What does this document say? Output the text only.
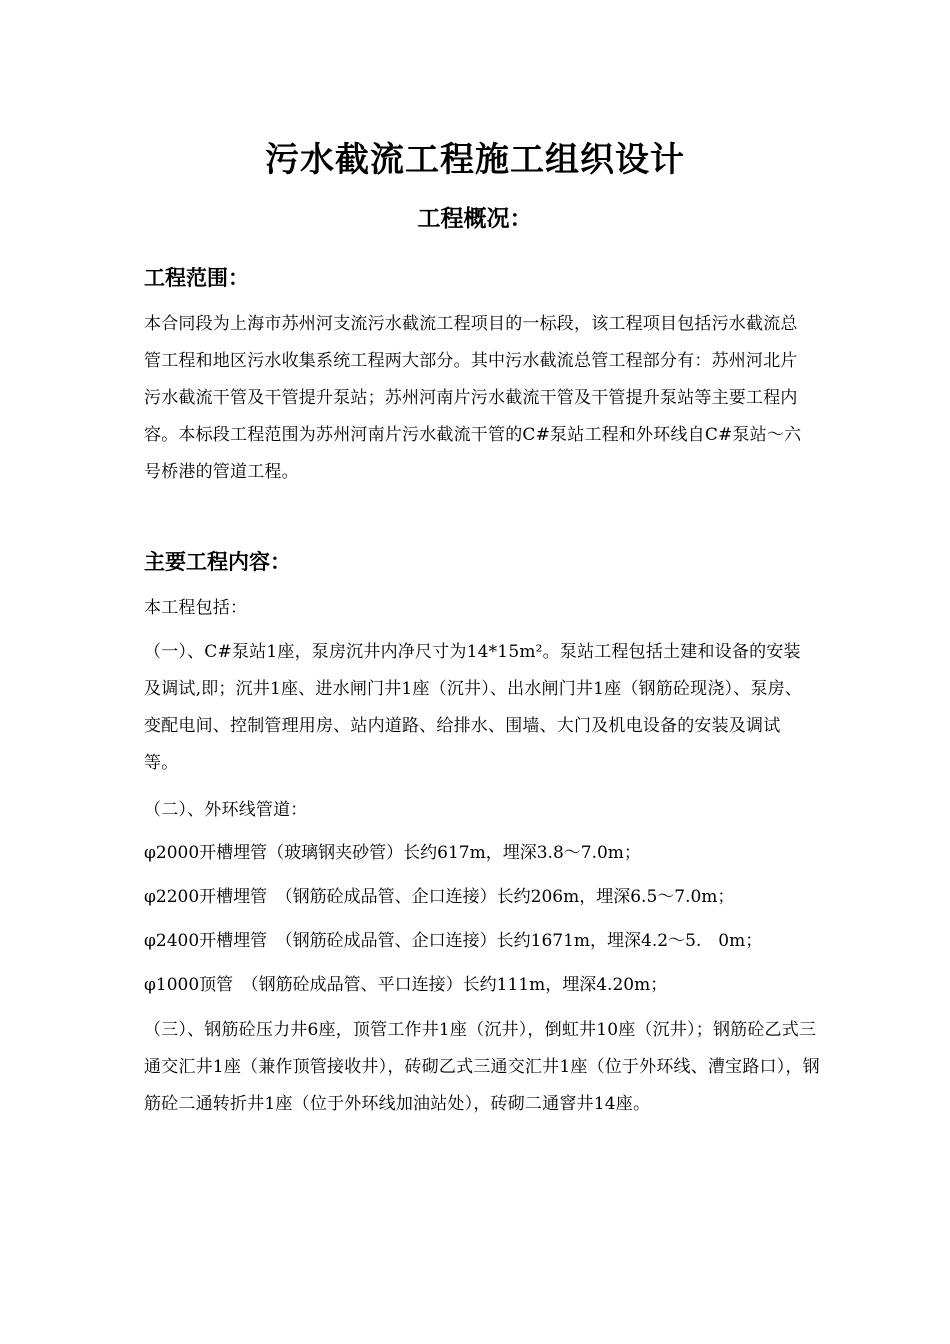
污水截流工程施工组织设计
工程概况：
工程范围：
本合同段为上海市苏州河支流污水截流工程项目的一标段，该工程项目包括污水截流总管工程和地区污水收集系统工程两大部分。其中污水截流总管工程部分有：苏州河北片污水截流干管及干管提升泵站；苏州河南片污水截流干管及干管提升泵站等主要工程内容。本标段工程范围为苏州河南片污水截流干管的C#泵站工程和外环线自C#泵站～六号桥港的管道工程。
主要工程内容：
本工程包括：
（一）、C#泵站1座，泵房沉井内净尺寸为14*15m²。泵站工程包括土建和设备的安装及调试,即；沉井1座、进水闸门井1座（沉井）、出水闸门井1座（钢筋砼现浇）、泵房、变配电间、控制管理用房、站内道路、给排水、围墙、大门及机电设备的安装及调试等。
（二）、外环线管道：
φ2000开槽埋管（玻璃钢夹砂管）长约617m，埋深3.8～7.0m；
φ2200开槽埋管　（钢筋砼成品管、企口连接）长约206m，埋深6.5～7.0m；
φ2400开槽埋管　（钢筋砼成品管、企口连接）长约1671m，埋深4.2～5.　0m；
φ1000顶管　（钢筋砼成品管、平口连接）长约111m，埋深4.20m；
（三）、钢筋砼压力井6座，顶管工作井1座（沉井），倒虹井10座（沉井）；钢筋砼乙式三通交汇井1座（兼作顶管接收井），砖砌乙式三通交汇井1座（位于外环线、漕宝路口），钢筋砼二通转折井1座（位于外环线加油站处），砖砌二通窨井14座。
